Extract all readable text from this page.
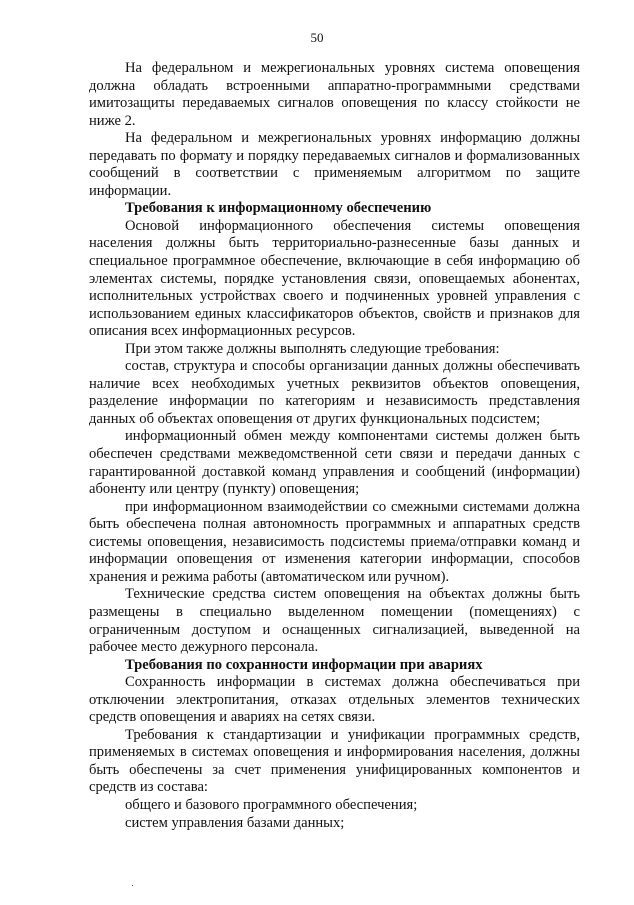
50

На федеральном и межрегиональных уровнях система оповещения должна обладать встроенными аппаратно-программными средствами имитозащиты передаваемых сигналов оповещения по классу стойкости не ниже 2.

На федеральном и межрегиональных уровнях информацию должны передавать по формату и порядку передаваемых сигналов и формализованных сообщений в соответствии с применяемым алгоритмом по защите информации.

Требования к информационному обеспечению

Основой информационного обеспечения системы оповещения населения должны быть территориально-разнесенные базы данных и специальное программное обеспечение, включающие в себя информацию об элементах системы, порядке установления связи, оповещаемых абонентах, исполнительных устройствах своего и подчиненных уровней управления с использованием единых классификаторов объектов, свойств и признаков для описания всех информационных ресурсов.

При этом также должны выполнять следующие требования:

состав, структура и способы организации данных должны обеспечивать наличие всех необходимых учетных реквизитов объектов оповещения, разделение информации по категориям и независимость представления данных об объектах оповещения от других функциональных подсистем;

информационный обмен между компонентами системы должен быть обеспечен средствами межведомственной сети связи и передачи данных с гарантированной доставкой команд управления и сообщений (информации) абоненту или центру (пункту) оповещения;

при информационном взаимодействии со смежными системами должна быть обеспечена полная автономность программных и аппаратных средств системы оповещения, независимость подсистемы приема/отправки команд и информации оповещения от изменения категории информации, способов хранения и режима работы (автоматическом или ручном).

Технические средства систем оповещения на объектах должны быть размещены в специально выделенном помещении (помещениях) с ограниченным доступом и оснащенных сигнализацией, выведенной на рабочее место дежурного персонала.

Требования по сохранности информации при авариях

Сохранность информации в системах должна обеспечиваться при отключении электропитания, отказах отдельных элементов технических средств оповещения и авариях на сетях связи.

Требования к стандартизации и унификации программных средств, применяемых в системах оповещения и информирования населения, должны быть обеспечены за счет применения унифицированных компонентов и средств из состава:

общего и базового программного обеспечения;

систем управления базами данных;
